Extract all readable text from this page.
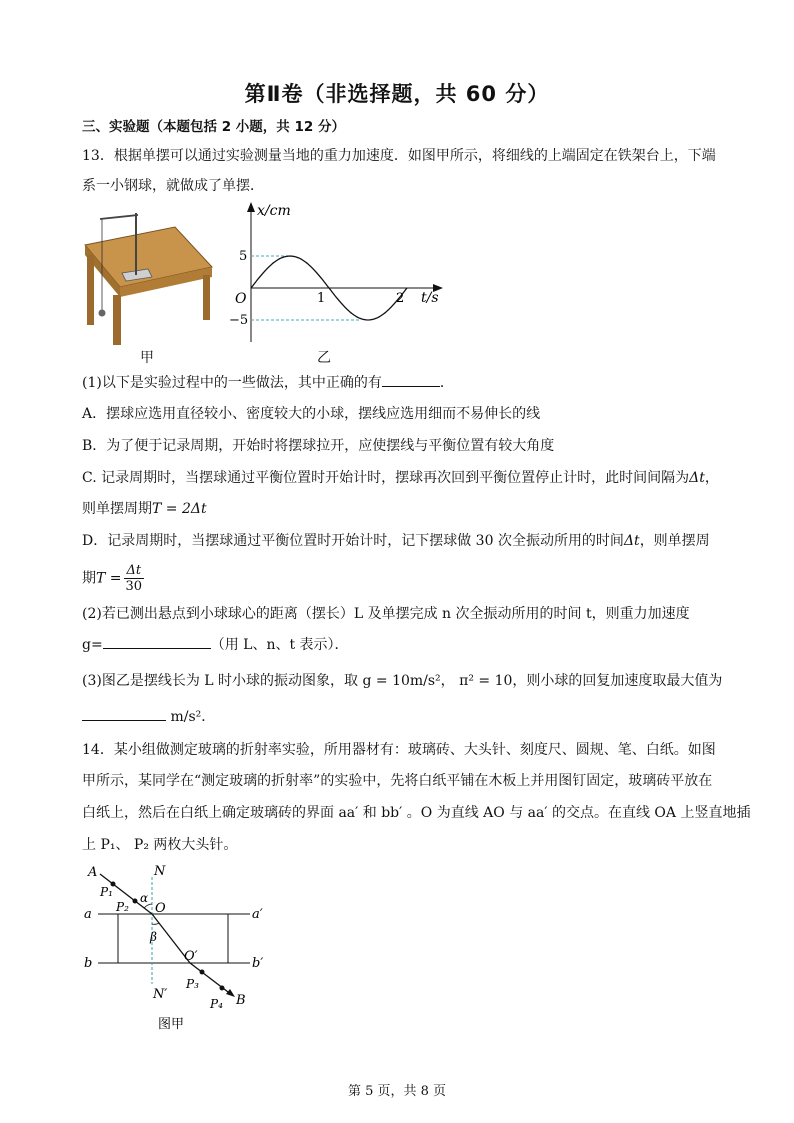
第Ⅱ卷（非选择题，共 60 分）
三、实验题（本题包括 2 小题，共 12 分）
13．根据单摆可以通过实验测量当地的重力加速度．如图甲所示，将细线的上端固定在铁架台上，下端
系一小钢球，就做成了单摆．
甲
x/cm
t/s
O
5
−5
1	2
乙
(1)以下是实验过程中的一些做法，其中正确的有	．
A．摆球应选用直径较小、密度较大的小球，摆线应选用细而不易伸长的线
B．为了便于记录周期，开始时将摆球拉开，应使摆线与平衡位置有较大角度
C. 记录周期时，当摆球通过平衡位置时开始计时，摆球再次回到平衡位置停止计时，此时间间隔为Δt，
则单摆周期T = 2Δt
D．记录周期时，当摆球通过平衡位置时开始计时，记下摆球做 30 次全振动所用的时间Δt，则单摆周
期$T = \frac{\Delta t}{30}$
(2)若已测出悬点到小球球心的距离（摆长）L 及单摆完成 n 次全振动所用的时间 t，则重力加速度
g=	（用 L、n、t 表示）．
(3)图乙是摆线长为 L 时小球的振动图象，取 g = 10m/s²， π² = 10，则小球的回复加速度取最大值为
m/s²．
14．某小组做测定玻璃的折射率实验，所用器材有：玻璃砖、大头针、刻度尺、圆规、笔、白纸。如图
甲所示，某同学在“测定玻璃的折射率”的实验中，先将白纸平铺在木板上并用图钉固定，玻璃砖平放在
白纸上，然后在白纸上确定玻璃砖的界面 aa′ 和 bb′ 。O 为直线 AO 与 aa′ 的交点。在直线 OA 上竖直地插
上 P₁、 P₂ 两枚大头针。
A
B
N
N′
a	a′
b	b′
O
O′
P₁
P₂
P₃
P₄
α
β
图甲
第 5 页，共 8 页
